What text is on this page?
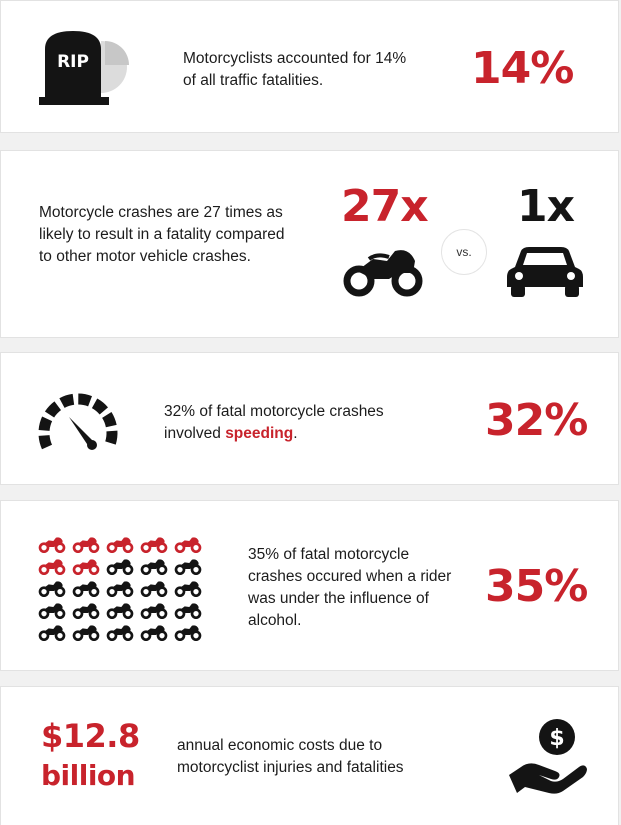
RIP	Motorcyclists accounted for 14% of all traffic fatalities.	14%
Motorcycle crashes are 27 times as likely to result in a fatality compared to other motor vehicle crashes.
27x
vs.
1x
32% of fatal motorcycle crashes involved speeding.	32%
35% of fatal motorcycle crashes occured when a rider was under the influence of alcohol.
35%
$12.8
billion
annual economic costs due to motorcyclist injuries and fatalities
$
